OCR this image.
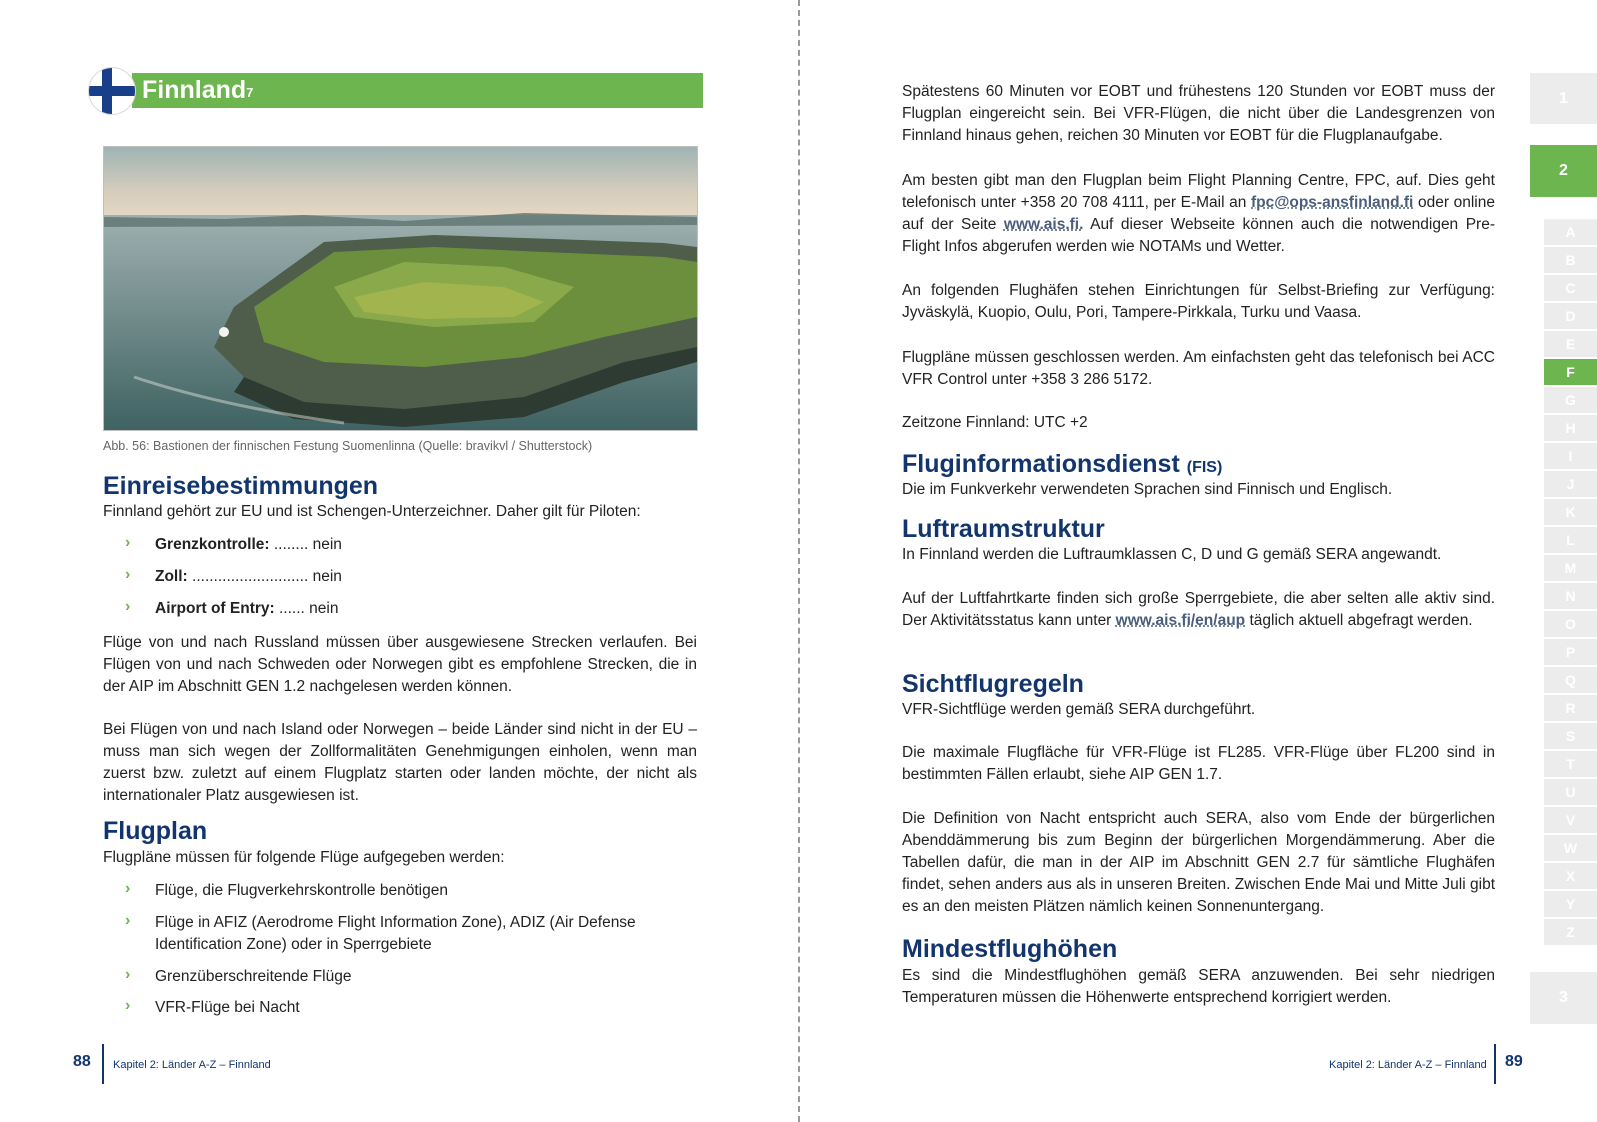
Finnland$^7$
Abb. 56: Bastionen der finnischen Festung Suomenlinna (Quelle: bravikvl / Shutterstock)
Einreisebestimmungen

Finnland gehört zur EU und ist Schengen-Unterzeichner. Daher gilt für Piloten:

› Grenzkontrolle: ........ nein
› Zoll: ........................... nein
› Airport of Entry: ...... nein

Flüge von und nach Russland müssen über ausgewiesene Strecken verlaufen. Bei Flügen von und nach Schweden oder Norwegen gibt es empfohlene Strecken, die in der AIP im Abschnitt GEN 1.2 nachgelesen werden können.

Bei Flügen von und nach Island oder Norwegen – beide Länder sind nicht in der EU – muss man sich wegen der Zollformalitäten Genehmigungen einholen, wenn man zuerst bzw. zuletzt auf einem Flugplatz starten oder landen möchte, der nicht als internationaler Platz ausgewiesen ist.

Flugplan

Flugpläne müssen für folgende Flüge aufgegeben werden:

› Flüge, die Flugverkehrskontrolle benötigen
› Flüge in AFIZ (Aerodrome Flight Information Zone), ADIZ (Air Defense
Identification Zone) oder in Sperrgebiete
› Grenzüberschreitende Flüge
› VFR-Flüge bei Nacht
88 Kapitel 2: Länder A-Z – Finnland

Spätestens 60 Minuten vor EOBT und frühestens 120 Stunden vor EOBT muss der Flugplan eingereicht sein. Bei VFR-Flügen, die nicht über die Landesgrenzen von Finnland hinaus gehen, reichen 30 Minuten vor EOBT für die Flugplanaufgabe.

Am besten gibt man den Flugplan beim Flight Planning Centre, FPC, auf. Dies geht telefonisch unter +358 20 708 4111, per E-Mail an fpc@ops-ansfinland.fi oder online auf der Seite www.ais.fi. Auf dieser Webseite können auch die notwendigen Pre-Flight Infos abgerufen werden wie NOTAMs und Wetter.

An folgenden Flughäfen stehen Einrichtungen für Selbst-Briefing zur Verfügung: Jyväskylä, Kuopio, Oulu, Pori, Tampere-Pirkkala, Turku und Vaasa.

Flugpläne müssen geschlossen werden. Am einfachsten geht das telefonisch bei ACC VFR Control unter +358 3 286 5172.

Zeitzone Finnland: UTC +2

Fluginformationsdienst (FIS)

Die im Funkverkehr verwendeten Sprachen sind Finnisch und Englisch.

Luftraumstruktur

In Finnland werden die Luftraumklassen C, D und G gemäß SERA angewandt.

Auf der Luftfahrtkarte finden sich große Sperrgebiete, die aber selten alle aktiv sind. Der Aktivitätsstatus kann unter www.ais.fi/en/aup täglich aktuell abgefragt werden.

Sichtflugregeln

VFR-Sichtflüge werden gemäß SERA durchgeführt.

Die maximale Flugfläche für VFR-Flüge ist FL285. VFR-Flüge über FL200 sind in bestimmten Fällen erlaubt, siehe AIP GEN 1.7.

Die Definition von Nacht entspricht auch SERA, also vom Ende der bürgerlichen Abenddämmerung bis zum Beginn der bürgerlichen Morgendämmerung. Aber die Tabellen dafür, die man in der AIP im Abschnitt GEN 2.7 für sämtliche Flughäfen findet, sehen anders aus als in unseren Breiten. Zwischen Ende Mai und Mitte Juli gibt es an den meisten Plätzen nämlich keinen Sonnenuntergang.

Mindestflughöhen

Es sind die Mindestflughöhen gemäß SERA anzuwenden. Bei sehr niedrigen Temperaturen müssen die Höhenwerte entsprechend korrigiert werden.

Kapitel 2: Länder A-Z – Finnland 89
1
2
3
A
B
C
D
E
F
G
H
I
J
K
L
M
N
O
P
Q
R
S
T
U
V
W
X
Y
Z
